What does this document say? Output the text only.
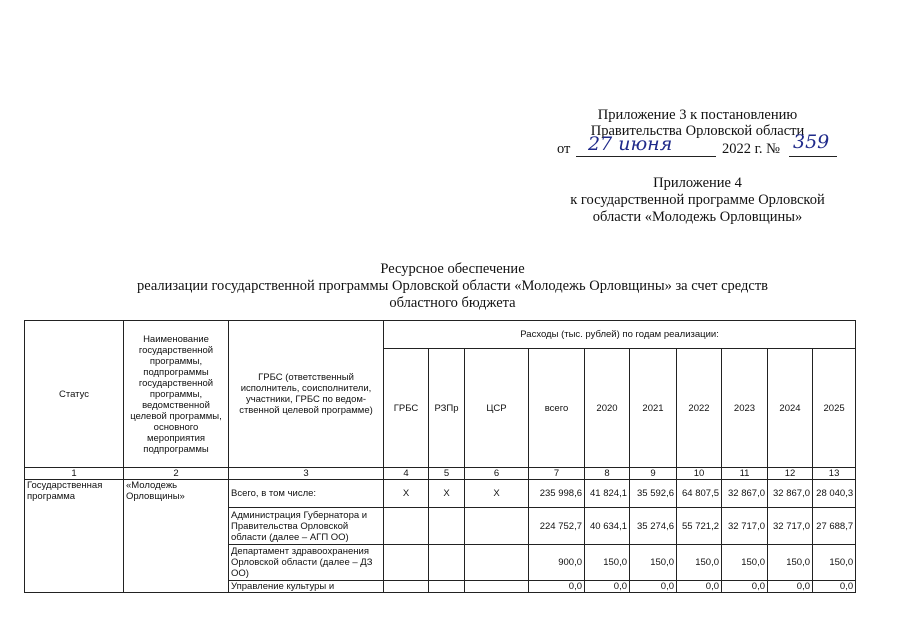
Приложение 3 к постановлению
Правительства Орловской области
от 27 июня	2022 г. № 359
Приложение 4
к государственной программе Орловской
области «Молодежь Орловщины»
Ресурсное обеспечение
реализации государственной программы Орловской области «Молодежь Орловщины» за счет средств
областного бюджета
Статус	Наименование государственной программы, подпрограммы государственной программы, ведомственной целевой программы, основного мероприятия подпрограммы	ГРБС (ответственный исполнитель, соисполнители, участники, ГРБС по ведом-ственной целевой программе)	Расходы (тыс. рублей) по годам реализации:									
			ГРБС	РЗПр	ЦСР	всего	2020	2021	2022	2023	2024	2025
1	2	3	4	5	6	7	8	9	10	11	12	13
Государственная программа	«Молодежь Орловщины»	Всего, в том числе:	X	X	X	235 998,6	41 824,1	35 592,6	64 807,5	32 867,0	32 867,0	28 040,3
		Администрация Губернатора и Правительства Орловской области (далее – АГП ОО)				224 752,7	40 634,1	35 274,6	55 721,2	32 717,0	32 717,0	27 688,7
		Департамент здравоохранения Орловской области (далее – ДЗ ОО)				900,0	150,0	150,0	150,0	150,0	150,0	150,0
		Управление культуры и				0,0	0,0	0,0	0,0	0,0	0,0	0,0
